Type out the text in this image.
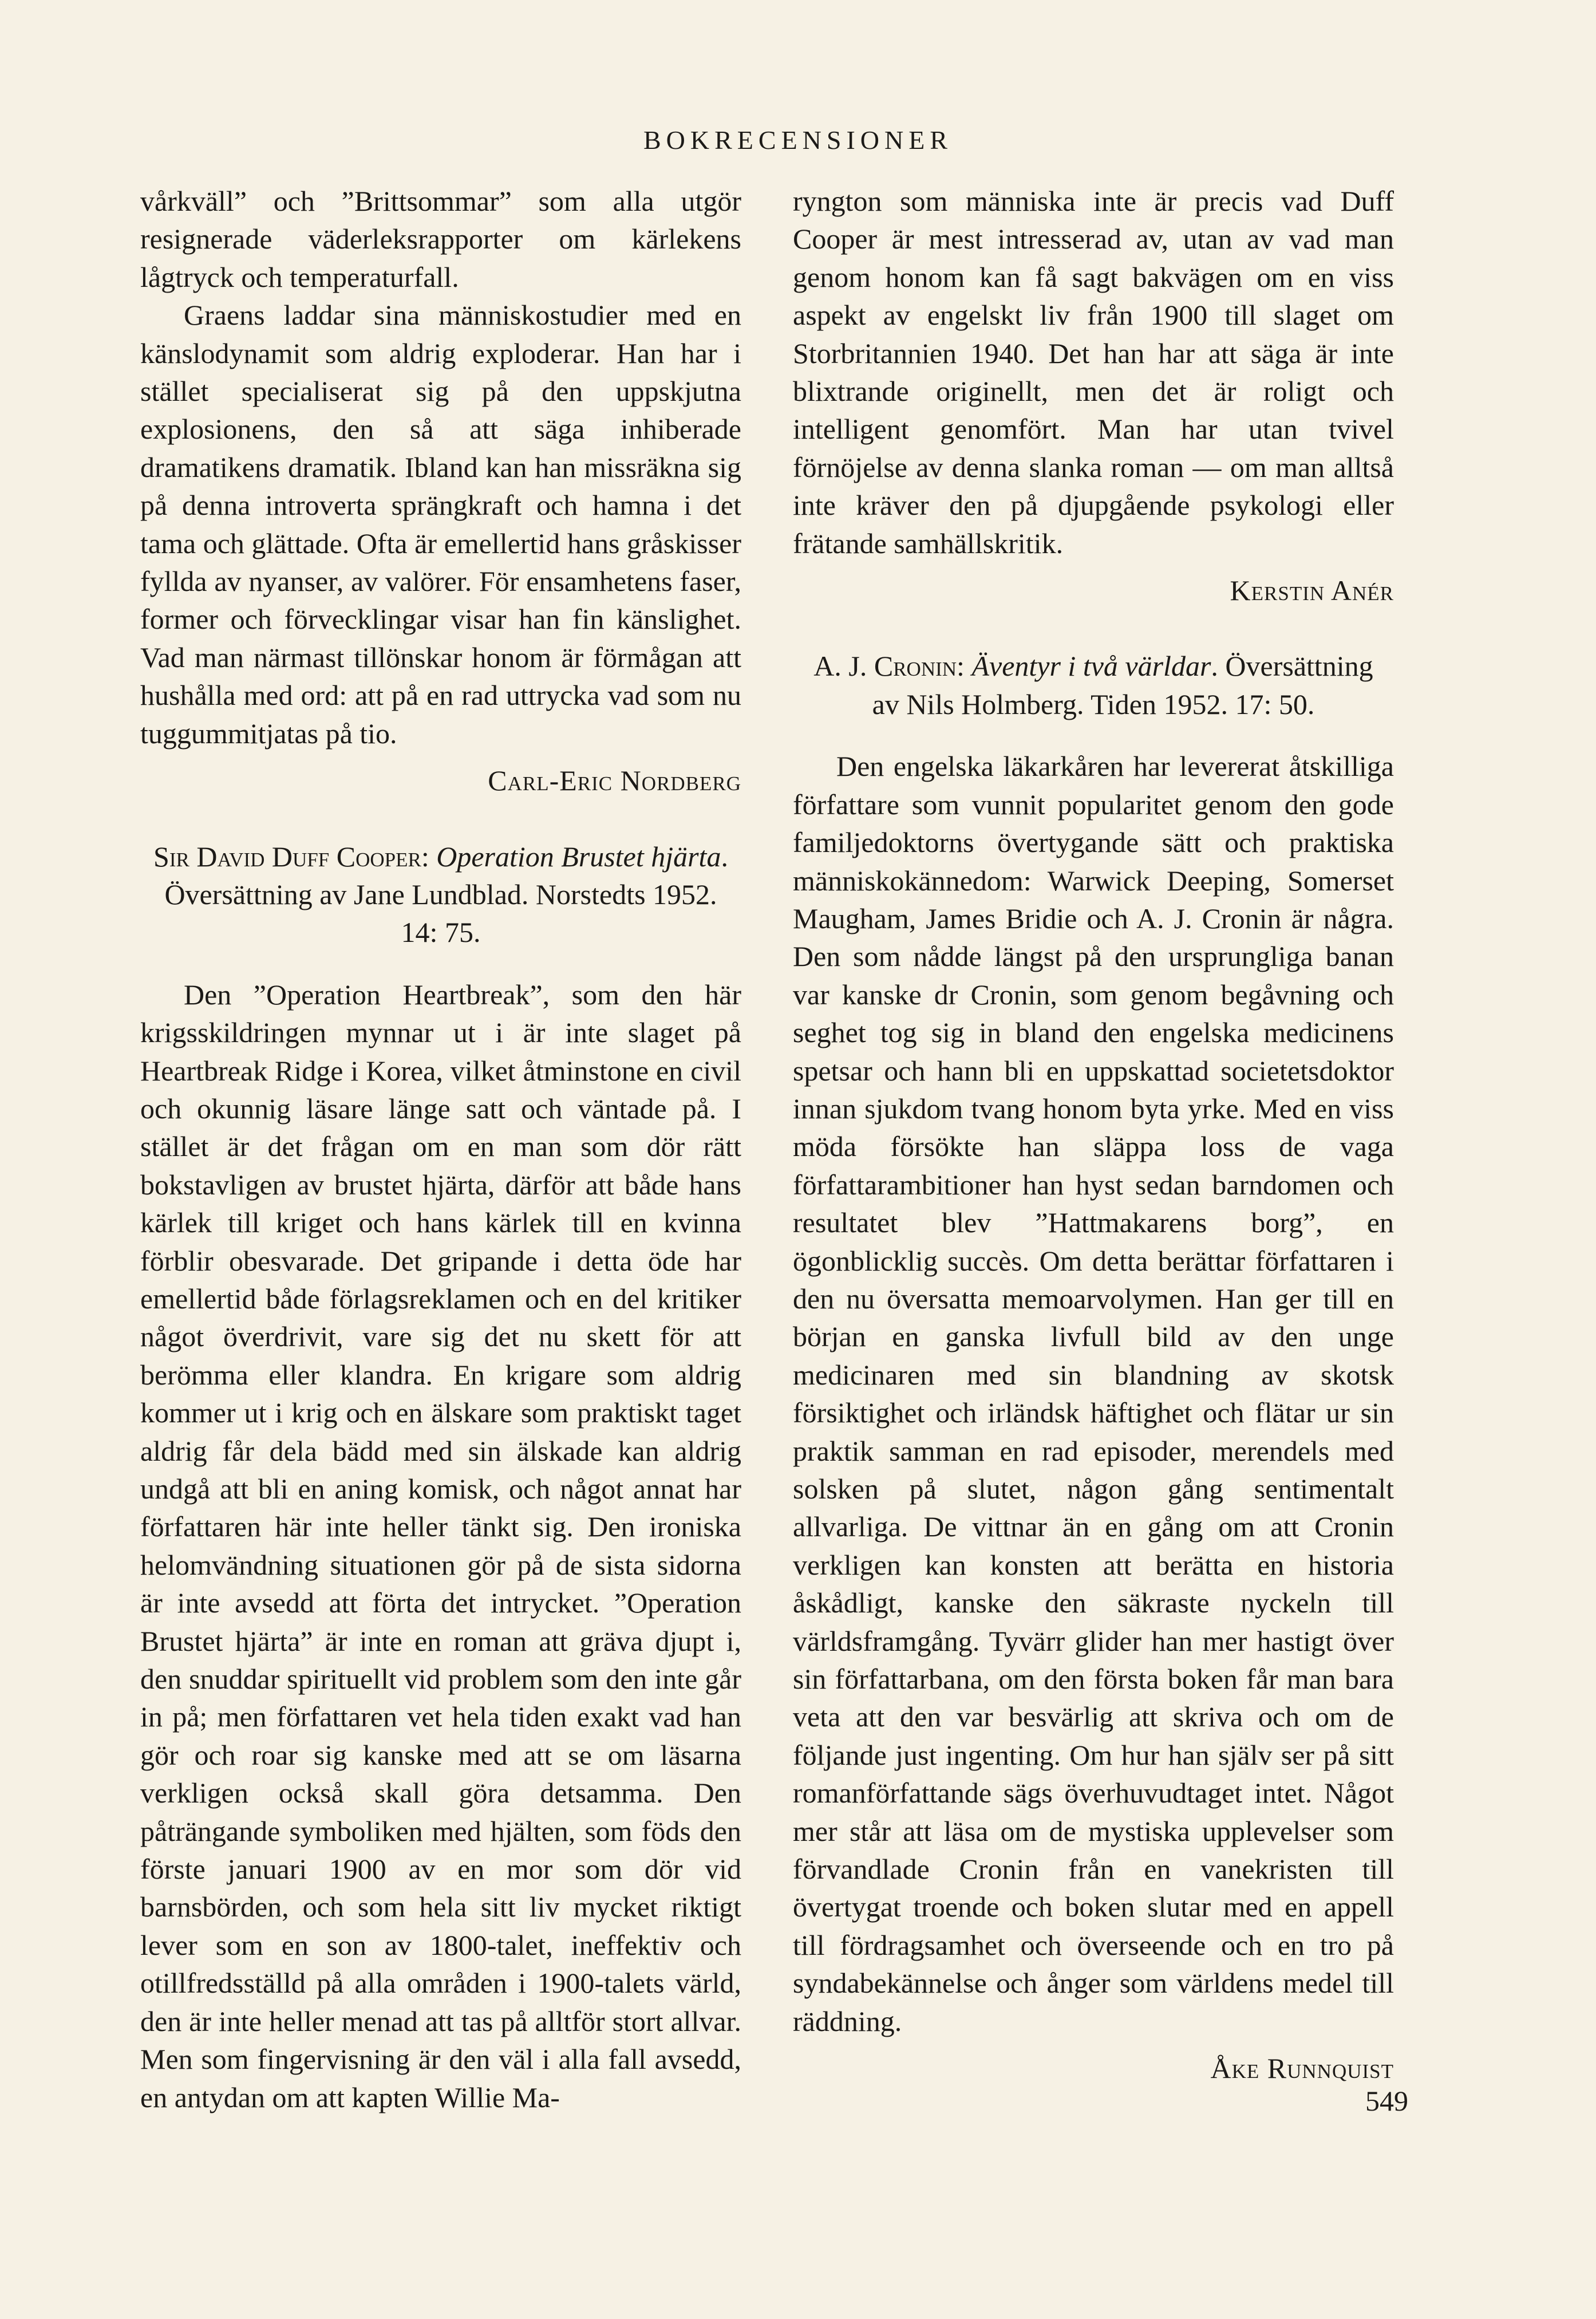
BOKRECENSIONER

vårkväll” och ”Brittsommar” som alla utgör resignerade väderleksrapporter om kärlekens lågtryck och temperaturfall.

Graens laddar sina människostudier med en känslodynamit som aldrig exploderar. Han har i stället specialiserat sig på den uppskjutna explosionens, den så att säga inhiberade dramatikens dramatik. Ibland kan han missräkna sig på denna introverta sprängkraft och hamna i det tama och glättade. Ofta är emellertid hans gråskisser fyllda av nyanser, av valörer. För ensamhetens faser, former och förvecklingar visar han fin känslighet. Vad man närmast tillönskar honom är förmågan att hushålla med ord: att på en rad uttrycka vad som nu tuggummitjatas på tio.

Carl-Eric Nordberg
Sir David Duff Cooper: Operation Brustet hjärta. Översättning av Jane Lundblad. Norstedts 1952. 14: 75.

Den ”Operation Heartbreak”, som den här krigsskildringen mynnar ut i är inte slaget på Heartbreak Ridge i Korea, vilket åtminstone en civil och okunnig läsare länge satt och väntade på. I stället är det frågan om en man som dör rätt bokstavligen av brustet hjärta, därför att både hans kärlek till kriget och hans kärlek till en kvinna förblir obesvarade. Det gripande i detta öde har emellertid både förlagsreklamen och en del kritiker något överdrivit, vare sig det nu skett för att berömma eller klandra. En krigare som aldrig kommer ut i krig och en älskare som praktiskt taget aldrig får dela bädd med sin älskade kan aldrig undgå att bli en aning komisk, och något annat har författaren här inte heller tänkt sig. Den ironiska helomvändning situationen gör på de sista sidorna är inte avsedd att förta det intrycket. ”Operation Brustet hjärta” är inte en roman att gräva djupt i, den snuddar spirituellt vid problem som den inte går in på; men författaren vet hela tiden exakt vad han gör och roar sig kanske med att se om läsarna verkligen också skall göra detsamma. Den påträngande symboliken med hjälten, som föds den förste januari 1900 av en mor som dör vid barnsbörden, och som hela sitt liv mycket riktigt lever som en son av 1800-talet, ineffektiv och otillfredsställd på alla områden i 1900-talets värld, den är inte heller menad att tas på alltför stort allvar. Men som fingervisning är den väl i alla fall avsedd, en antydan om att kapten Willie Ma-

ryngton som människa inte är precis vad Duff Cooper är mest intresserad av, utan av vad man genom honom kan få sagt bakvägen om en viss aspekt av engelskt liv från 1900 till slaget om Storbritannien 1940. Det han har att säga är inte blixtrande originellt, men det är roligt och intelligent genomfört. Man har utan tvivel förnöjelse av denna slanka roman — om man alltså inte kräver den på djupgående psykologi eller frätande samhällskritik.

Kerstin Anér
A. J. Cronin: Äventyr i två världar. Översättning av Nils Holmberg. Tiden 1952. 17: 50.

Den engelska läkarkåren har levererat åtskilliga författare som vunnit popularitet genom den gode familjedoktorns övertygande sätt och praktiska människokännedom: Warwick Deeping, Somerset Maugham, James Bridie och A. J. Cronin är några. Den som nådde längst på den ursprungliga banan var kanske dr Cronin, som genom begåvning och seghet tog sig in bland den engelska medicinens spetsar och hann bli en uppskattad societetsdoktor innan sjukdom tvang honom byta yrke. Med en viss möda försökte han släppa loss de vaga författarambitioner han hyst sedan barndomen och resultatet blev ”Hattmakarens borg”, en ögonblicklig succès. Om detta berättar författaren i den nu översatta memoarvolymen. Han ger till en början en ganska livfull bild av den unge medicinaren med sin blandning av skotsk försiktighet och irländsk häftighet och flätar ur sin praktik samman en rad episoder, merendels med solsken på slutet, någon gång sentimentalt allvarliga. De vittnar än en gång om att Cronin verkligen kan konsten att berätta en historia åskådligt, kanske den säkraste nyckeln till världsframgång. Tyvärr glider han mer hastigt över sin författarbana, om den första boken får man bara veta att den var besvärlig att skriva och om de följande just ingenting. Om hur han själv ser på sitt romanförfattande sägs överhuvudtaget intet. Något mer står att läsa om de mystiska upplevelser som förvandlade Cronin från en vanekristen till övertygat troende och boken slutar med en appell till fördragsamhet och överseende och en tro på syndabekännelse och ånger som världens medel till räddning.

Åke Runnquist
549
